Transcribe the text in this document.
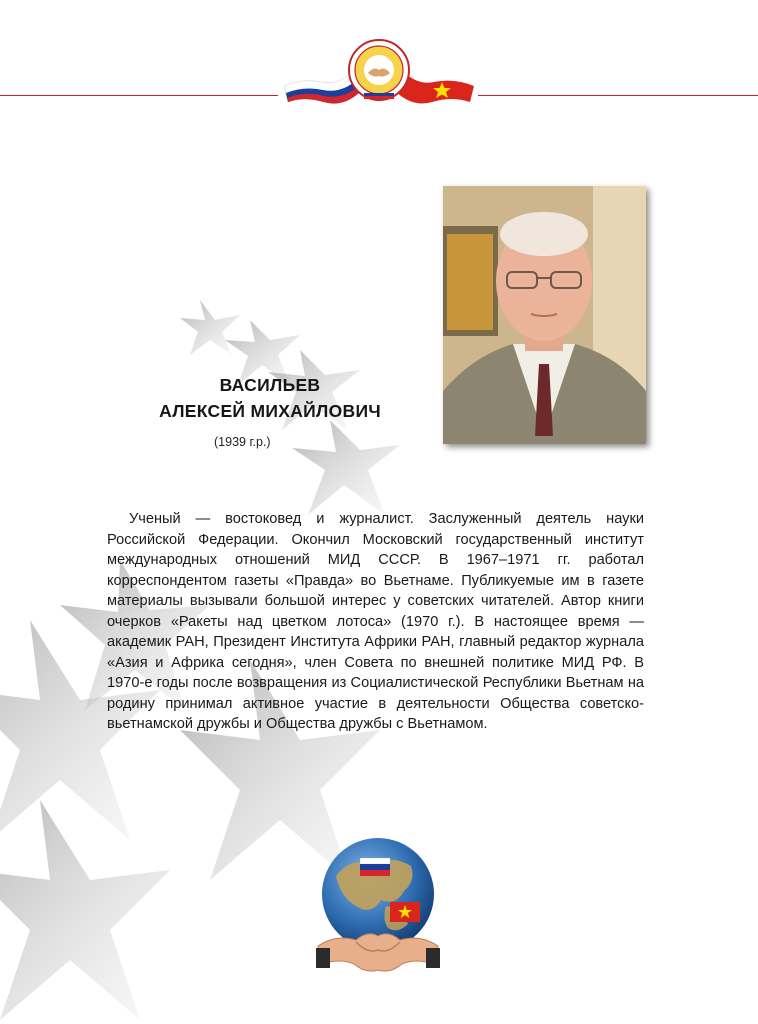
ВАСИЛЬЕВ
АЛЕКСЕЙ МИХАЙЛОВИЧ
(1939 г.р.)
Ученый — востоковед и журналист. Заслуженный деятель науки Российской Федерации. Окончил Московский государственный институт международных отношений МИД СССР. В 1967–1971 гг. работал корреспондентом газеты «Правда» во Вьетнаме. Публикуемые им в газете материалы вызывали большой интерес у советских читателей. Автор книги очерков «Ракеты над цветком лотоса» (1970 г.). В настоящее время — академик РАН, Президент Института Африки РАН, главный редактор журнала «Азия и Африка сегодня», член Совета по внешней политике МИД РФ. В 1970-е годы после возвращения из Социалистической Республики Вьетнам на родину принимал активное участие в деятельности Общества советско-вьетнамской дружбы и Общества дружбы с Вьетнамом.
